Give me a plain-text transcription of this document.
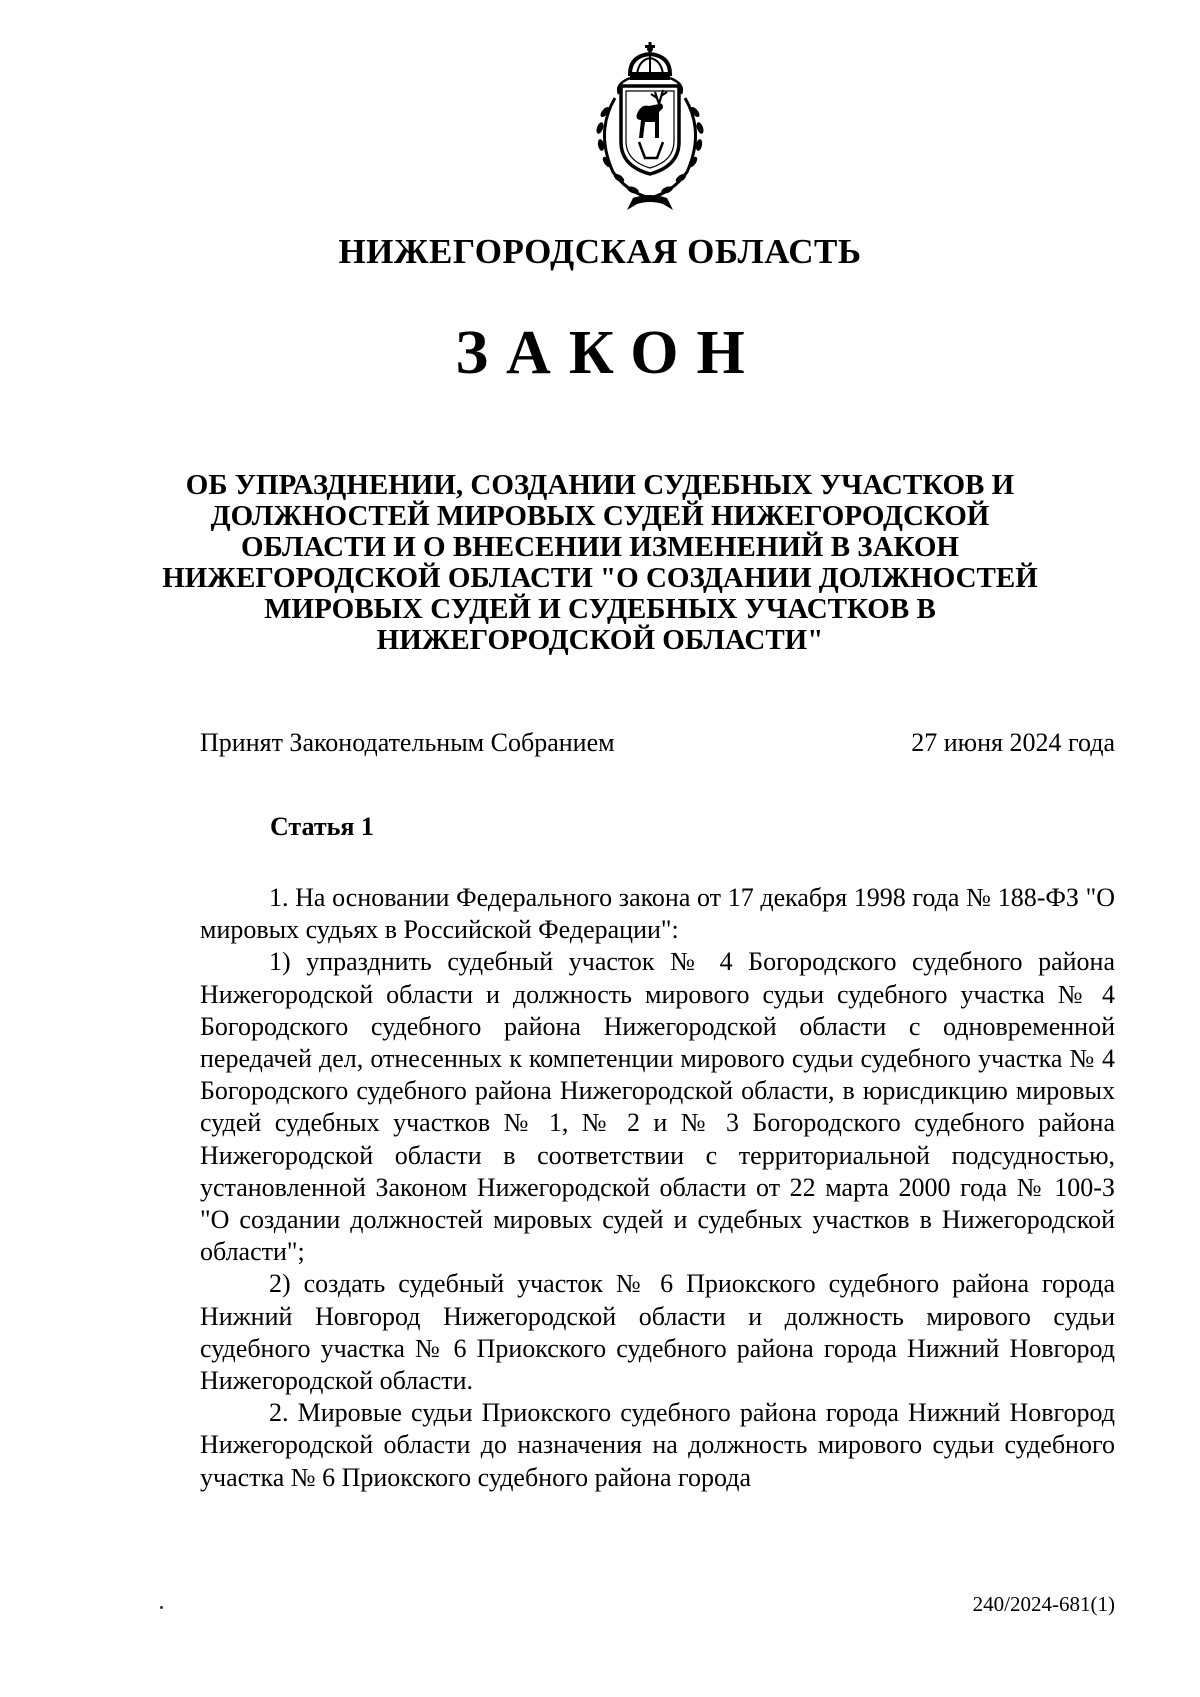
НИЖЕГОРОДСКАЯ ОБЛАСТЬ
ЗАКОН
ОБ УПРАЗДНЕНИИ, СОЗДАНИИ СУДЕБНЫХ УЧАСТКОВ И ДОЛЖНОСТЕЙ МИРОВЫХ СУДЕЙ НИЖЕГОРОДСКОЙ ОБЛАСТИ И О ВНЕСЕНИИ ИЗМЕНЕНИЙ В ЗАКОН НИЖЕГОРОДСКОЙ ОБЛАСТИ "О СОЗДАНИИ ДОЛЖНОСТЕЙ МИРОВЫХ СУДЕЙ И СУДЕБНЫХ УЧАСТКОВ В НИЖЕГОРОДСКОЙ ОБЛАСТИ"
Принят Законодательным Собранием	27 июня 2024 года
Статья 1

1. На основании Федерального закона от 17 декабря 1998 года № 188-ФЗ "О мировых судьях в Российской Федерации":

1) упразднить судебный участок № 4 Богородского судебного района Нижегородской области и должность мирового судьи судебного участка № 4 Богородского судебного района Нижегородской области с одновременной передачей дел, отнесенных к компетенции мирового судьи судебного участка № 4 Богородского судебного района Нижегородской области, в юрисдикцию мировых судей судебных участков № 1, № 2 и № 3 Богородского судебного района Нижегородской области в соответствии с территориальной подсудностью, установленной Законом Нижегородской области от 22 марта 2000 года № 100-З "О создании должностей мировых судей и судебных участков в Нижегородской области";

2) создать судебный участок № 6 Приокского судебного района города Нижний Новгород Нижегородской области и должность мирового судьи судебного участка № 6 Приокского судебного района города Нижний Новгород Нижегородской области.

2. Мировые судьи Приокского судебного района города Нижний Новгород Нижегородской области до назначения на должность мирового судьи судебного участка № 6 Приокского судебного района города

240/2024-681(1)
